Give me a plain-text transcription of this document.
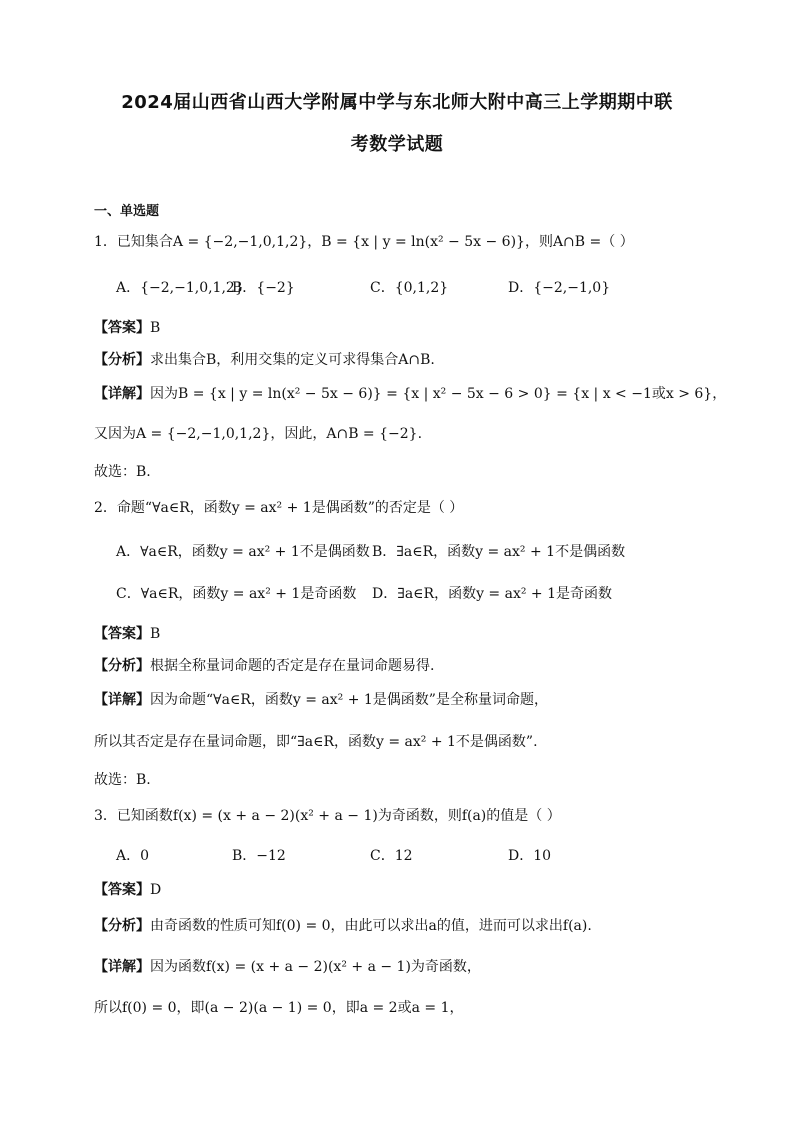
2024届山西省山西大学附属中学与东北师大附中高三上学期期中联
考数学试题
一、单选题
1．已知集合A = {−2,−1,0,1,2}，B = {x | y = ln(x² − 5x − 6)}，则A∩B =（ ）
A．{−2,−1,0,1,2}
B．{−2}	C．{0,1,2}	D．{−2,−1,0}
【答案】B
【分析】求出集合B，利用交集的定义可求得集合A∩B.
【详解】因为B = {x | y = ln(x² − 5x − 6)} = {x | x² − 5x − 6 > 0} = {x | x < −1或x > 6}，
又因为A = {−2,−1,0,1,2}，因此，A∩B = {−2}.
故选：B.
2．命题“∀a∈R，函数y = ax² + 1是偶函数”的否定是（ ）
A．∀a∈R，函数y = ax² + 1不是偶函数 B．∃a∈R，函数y = ax² + 1不是偶函数
C．∀a∈R，函数y = ax² + 1是奇函数 D．∃a∈R，函数y = ax² + 1是奇函数
【答案】B
【分析】根据全称量词命题的否定是存在量词命题易得.
【详解】因为命题“∀a∈R，函数y = ax² + 1是偶函数”是全称量词命题，
所以其否定是存在量词命题，即“∃a∈R，函数y = ax² + 1不是偶函数”.
故选：B.
3．已知函数f(x) = (x + a − 2)(x² + a − 1)为奇函数，则f(a)的值是（ ）
A．0	B．−12	C．12	D．10
【答案】D
【分析】由奇函数的性质可知f(0) = 0，由此可以求出a的值，进而可以求出f(a).
【详解】因为函数f(x) = (x + a − 2)(x² + a − 1)为奇函数，
所以f(0) = 0，即(a − 2)(a − 1) = 0，即a = 2或a = 1，
